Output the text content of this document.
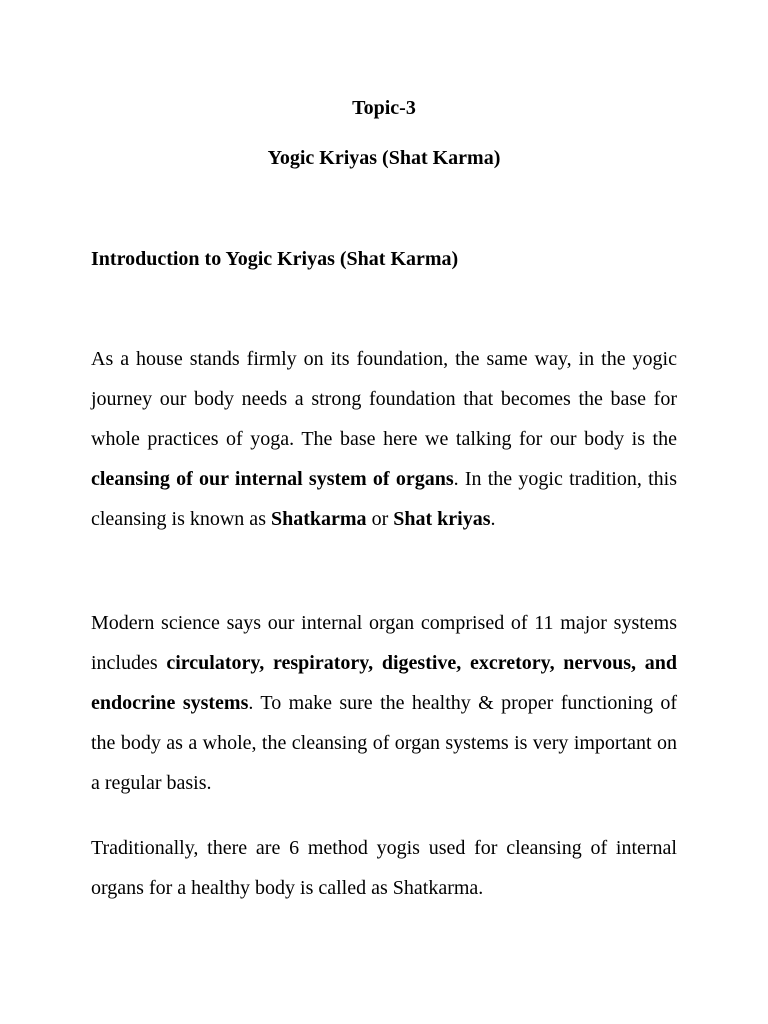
Topic-3
Yogic Kriyas (Shat Karma)
Introduction to Yogic Kriyas (Shat Karma)

As a house stands firmly on its foundation, the same way, in the yogic journey our body needs a strong foundation that becomes the base for whole practices of yoga. The base here we talking for our body is the cleansing of our internal system of organs. In the yogic tradition, this cleansing is known as Shatkarma or Shat kriyas.

Modern science says our internal organ comprised of 11 major systems includes circulatory, respiratory, digestive, excretory, nervous, and endocrine systems. To make sure the healthy & proper functioning of the body as a whole, the cleansing of organ systems is very important on a regular basis.

Traditionally, there are 6 method yogis used for cleansing of internal organs for a healthy body is called as Shatkarma.
